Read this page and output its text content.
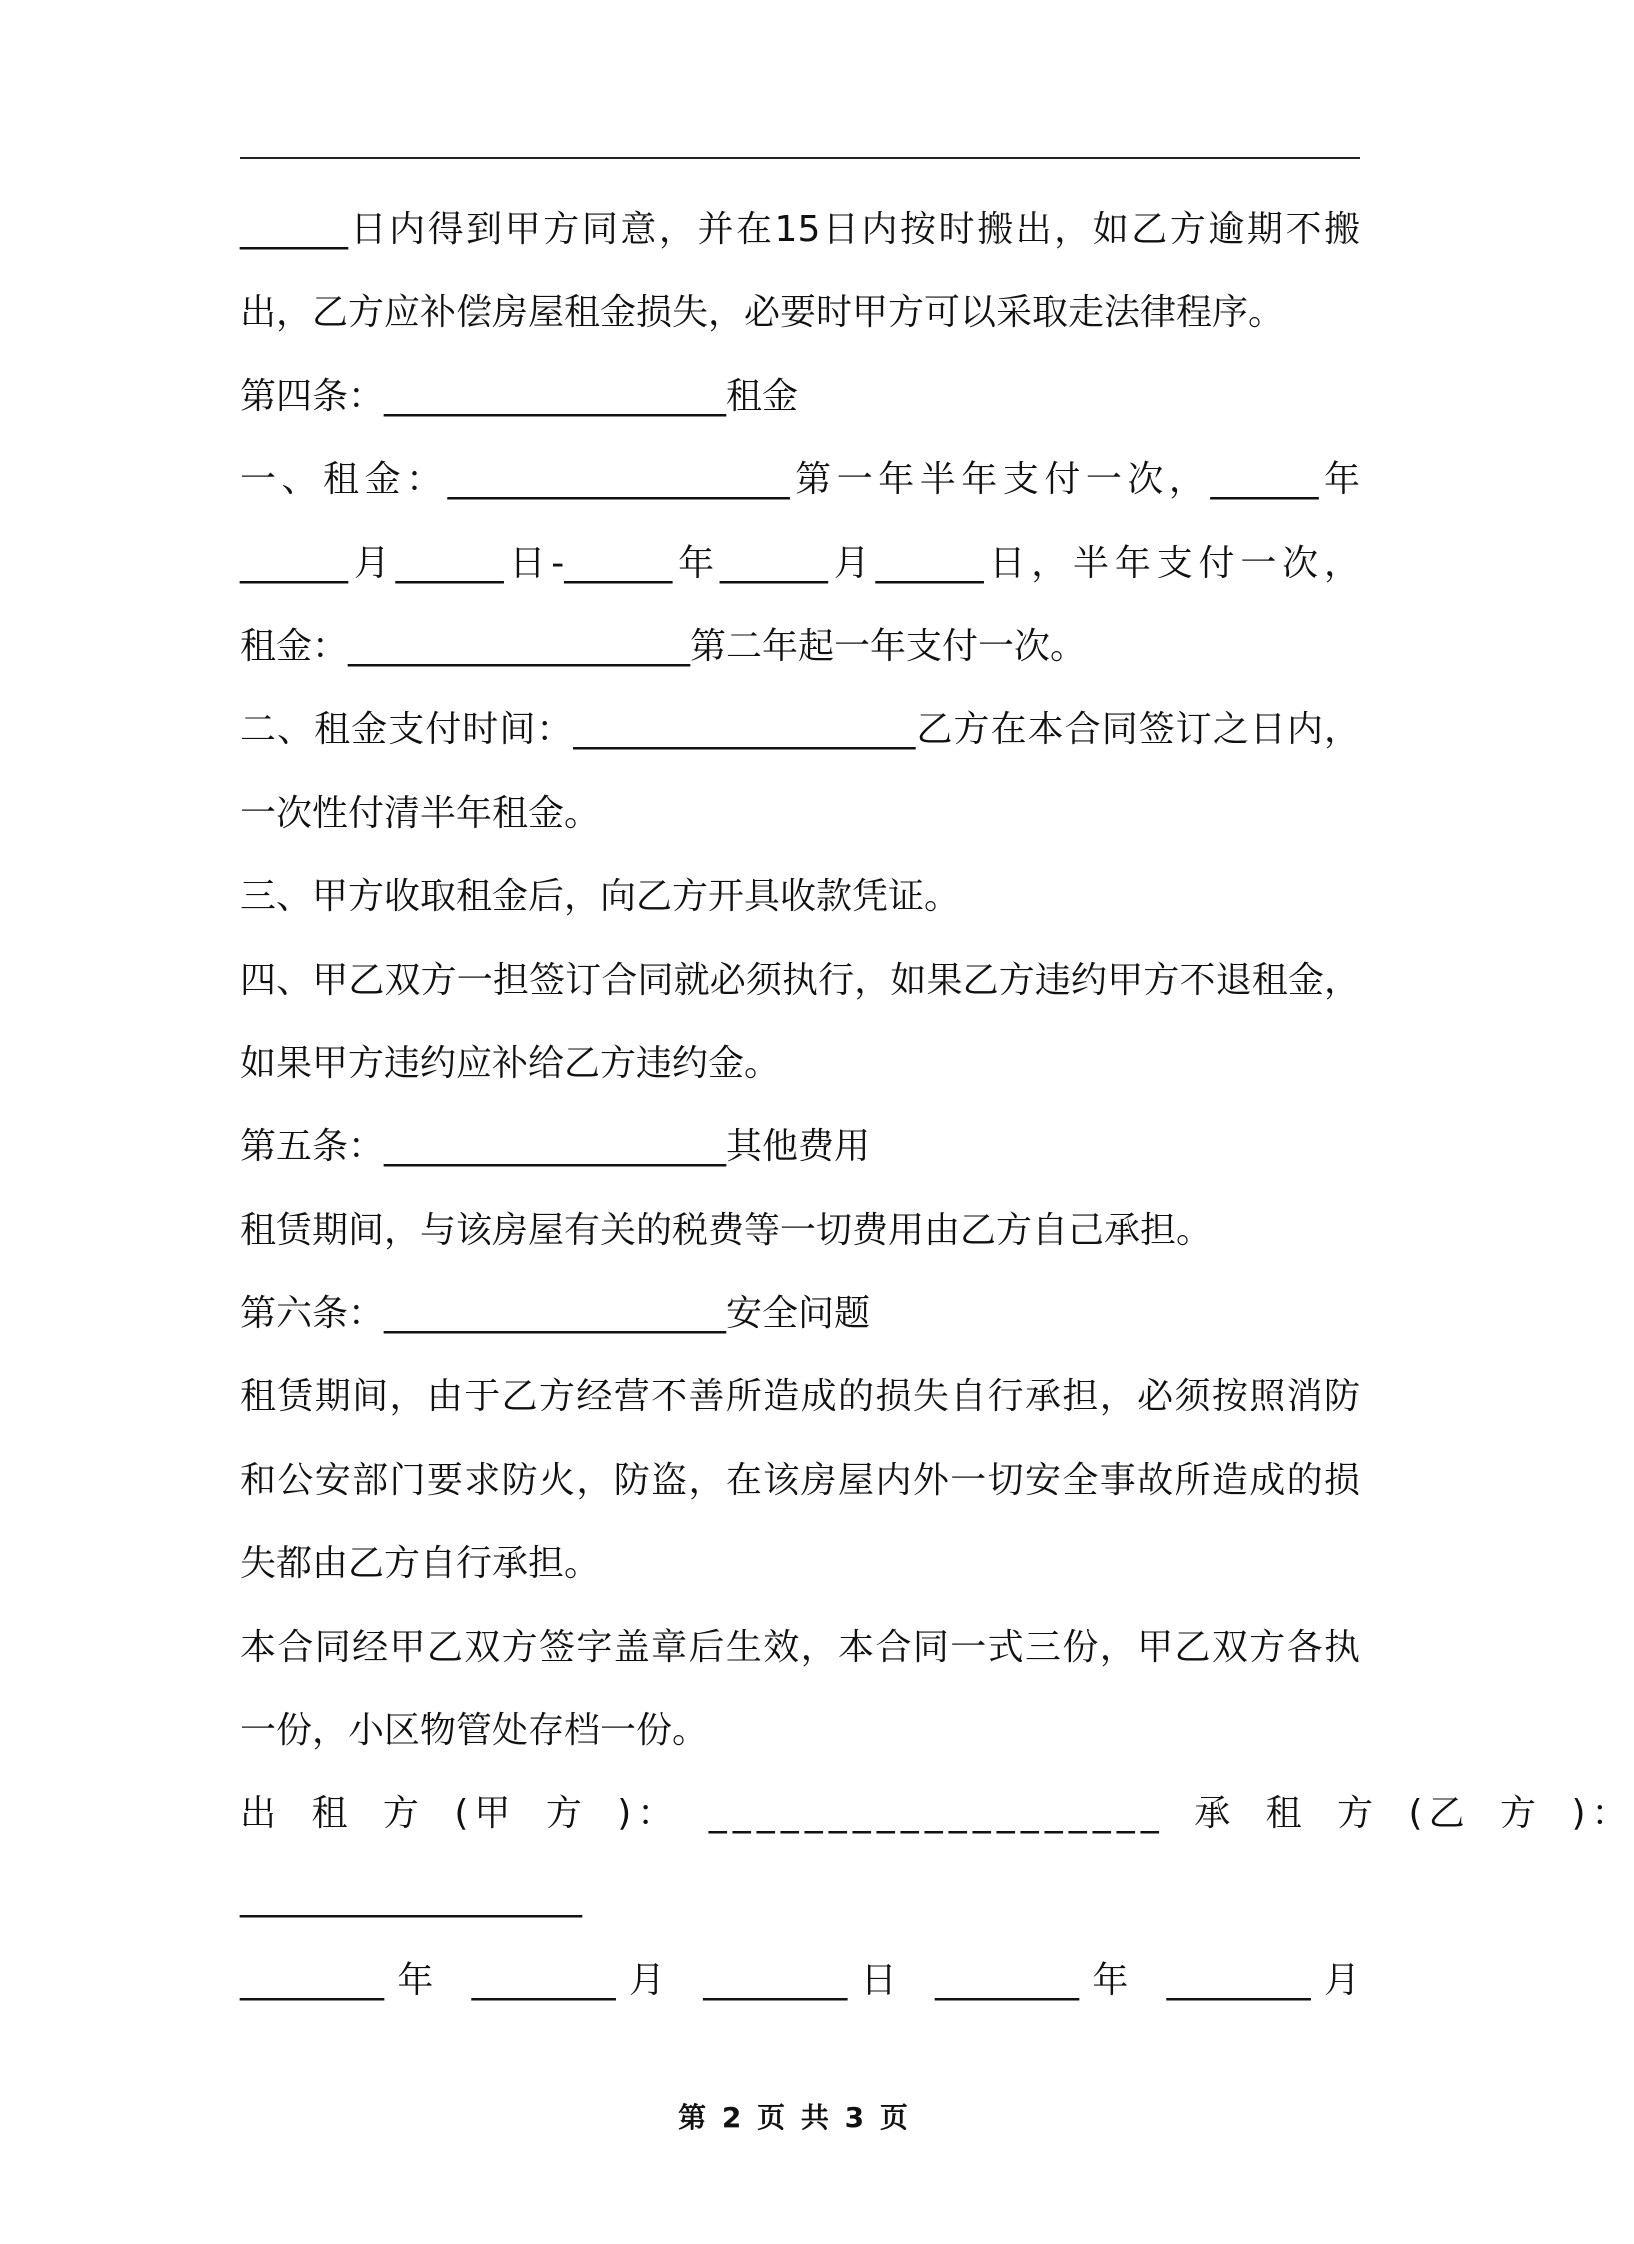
______日内得到甲方同意，并在15日内按时搬出，如乙方逾期不搬
出，乙方应补偿房屋租金损失，必要时甲方可以采取走法律程序。
第四条：___________________租金
一、租金：___________________第一年半年支付一次，______年
______月______日-______年______月______日，半年支付一次，
租金：___________________第二年起一年支付一次。
二、租金支付时间：___________________乙方在本合同签订之日内，
一次性付清半年租金。
三、甲方收取租金后，向乙方开具收款凭证。
四、甲乙双方一担签订合同就必须执行，如果乙方违约甲方不退租金，
如果甲方违约应补给乙方违约金。
第五条：___________________其他费用
租赁期间，与该房屋有关的税费等一切费用由乙方自己承担。
第六条：___________________安全问题
租赁期间，由于乙方经营不善所造成的损失自行承担，必须按照消防
和公安部门要求防火，防盗，在该房屋内外一切安全事故所造成的损
失都由乙方自行承担。
本合同经甲乙双方签字盖章后生效，本合同一式三份，甲乙双方各执
一份，小区物管处存档一份。
出 租 方 (甲 方 )： ___________________ 承 租 方 (乙 方 )：
___________________
________年 ________月 ________日 ________年 ________月
第 2 页 共 3 页
